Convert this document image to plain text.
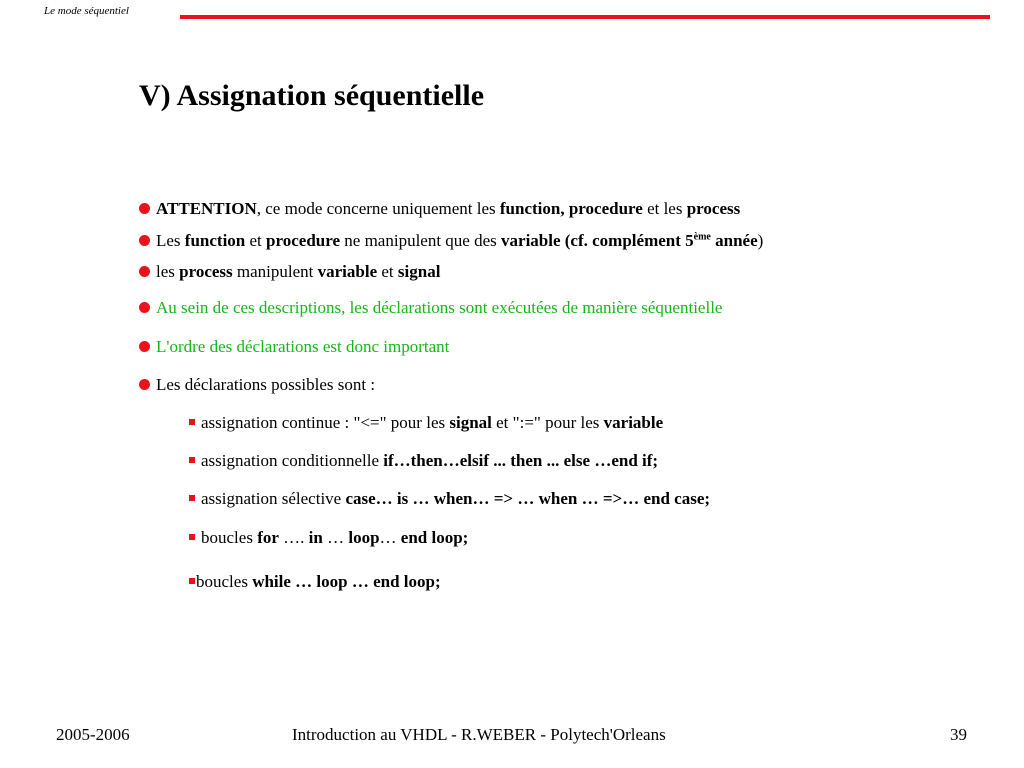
Le mode séquentiel
V) Assignation séquentielle
ATTENTION, ce mode concerne uniquement les function, procedure et les process
Les function et procedure ne manipulent que des variable (cf. complément 5ème année)
les process manipulent variable et signal
Au sein de ces descriptions, les déclarations sont exécutées de manière séquentielle
L'ordre des déclarations est donc important
Les déclarations possibles sont :
assignation continue : "<=" pour les signal et ":=" pour les variable
assignation conditionnelle if…then…elsif ... then ... else …end if;
assignation sélective case… is … when… => … when … =>… end case;
boucles for …. in … loop… end loop;
boucles while … loop … end loop;
2005-2006	Introduction au VHDL - R.WEBER - Polytech'Orleans	39
